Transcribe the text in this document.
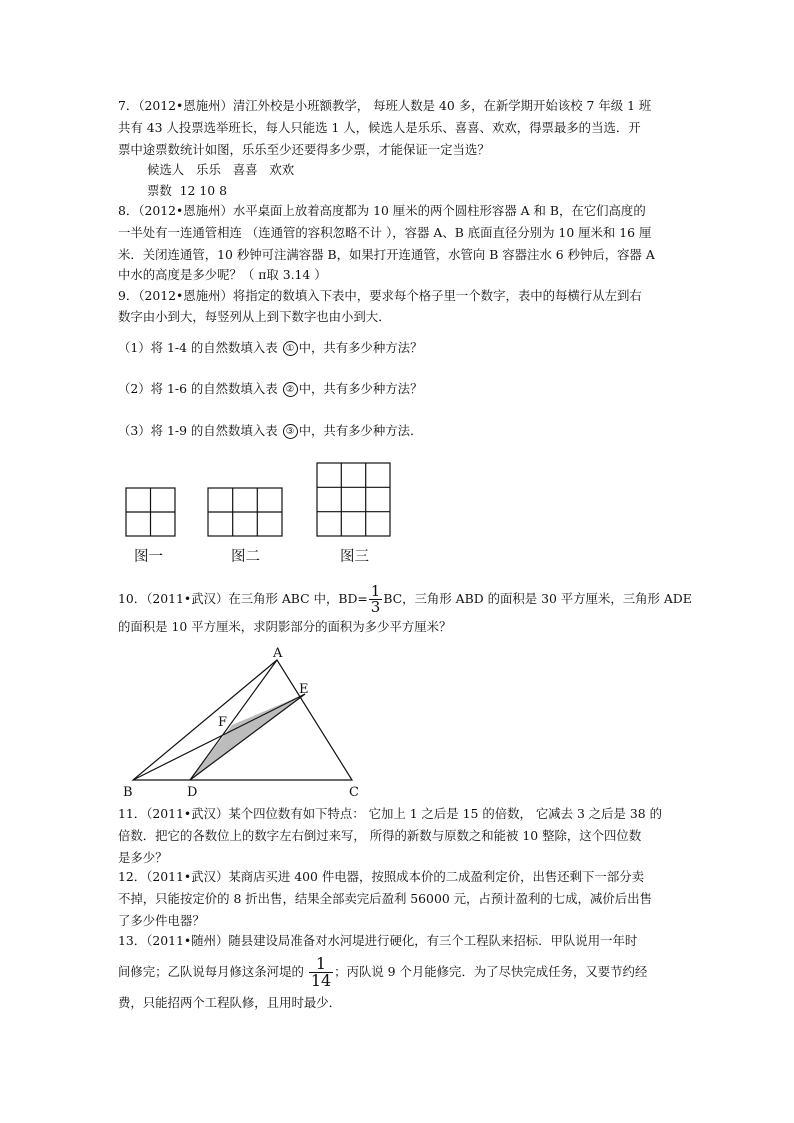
7．（2012•恩施州）清江外校是小班额教学， 每班人数是 40 多，在新学期开始该校 7 年级 1 班
共有 43 人投票选举班长，每人只能选 1 人，候选人是乐乐、喜喜、欢欢，得票最多的当选．开
票中途票数统计如图，乐乐至少还要得多少票，才能保证一定当选？
候选人  乐乐  喜喜  欢欢
票数  12 10 8
8．（2012•恩施州）水平桌面上放着高度都为 10 厘米的两个圆柱形容器 A 和 B，在它们高度的
一半处有一连通管相连 （连通管的容积忽略不计 ），容器 A、B 底面直径分别为 10 厘米和 16 厘
米．关闭连通管，10 秒钟可注满容器 B，如果打开连通管，水管向 B 容器注水 6 秒钟后，容器 A
中水的高度是多少呢？（ π取 3.14 ）
9．（2012•恩施州）将指定的数填入下表中，要求每个格子里一个数字，表中的每横行从左到右
数字由小到大，每竖列从上到下数字也由小到大．
（1）将 1-4 的自然数填入表 ① 中，共有多少种方法？
（2）将 1-6 的自然数填入表 ② 中，共有多少种方法？
（3）将 1-9 的自然数填入表 ③ 中，共有多少种方法．
图一	图二	图三
10．（2011•武汉）在三角形 ABC 中，$BD= \frac{1}{3}$ BC，三角形 ABD 的面积是 30 平方厘米，三角形 ADE
的面积是 10 平方厘米，求阴影部分的面积为多少平方厘米？
A
B	C
D
E
F
11．（2011•武汉）某个四位数有如下特点： 它加上 1 之后是 15 的倍数， 它减去 3 之后是 38 的
倍数．把它的各数位上的数字左右倒过来写， 所得的新数与原数之和能被 10 整除，这个四位数
是多少？
12．（2011•武汉）某商店买进 400 件电器，按照成本价的二成盈利定价，出售还剩下一部分卖
不掉，只能按定价的 8 折出售，结果全部卖完后盈利 56000 元，占预计盈利的七成，减价后出售
了多少件电器？
13．（2011•随州）随县建设局准备对水河堤进行硬化，有三个工程队来招标．甲队说用一年时
间修完；乙队说每月修这条河堤的 $\frac{1}{14}$ ；丙队说 9 个月能修完．为了尽快完成任务，又要节约经
费，只能招两个工程队修，且用时最少．
